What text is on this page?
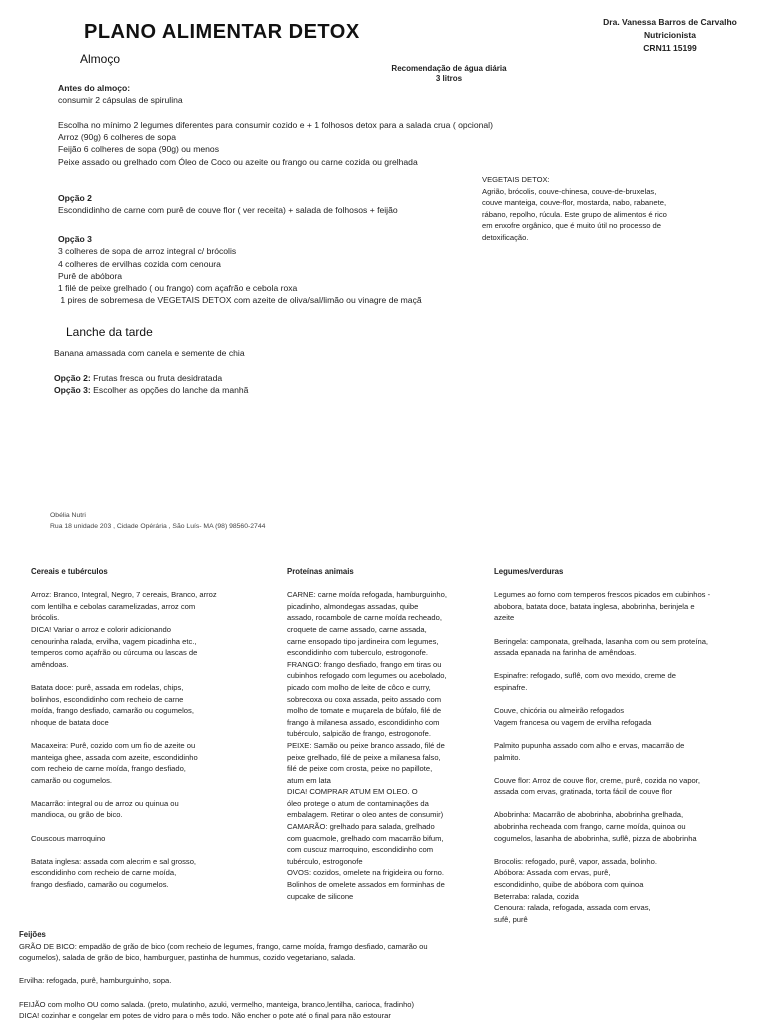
PLANO ALIMENTAR DETOX	Dra. Vanessa Barros de Carvalho
Nutricionista
CRN11 15199
Almoço
Recomendação de água diária
3 litros
Antes do almoço:
consumir 2 cápsulas de spirulina
Escolha no mínimo 2 legumes diferentes para consumir cozido e + 1 folhosos detox para a salada crua ( opcional)
Arroz (90g) 6 colheres de sopa
Feijão 6 colheres de sopa (90g) ou menos
Peixe assado ou grelhado com Óleo de Coco ou azeite ou frango ou carne cozida ou grelhada
Opção 2
Escondidinho de carne com purê de couve flor ( ver receita) + salada de folhosos + feijão
Opção 3
3 colheres de sopa de arroz integral c/ brócolis
4 colheres de ervilhas cozida com cenoura
Purê de abóbora
1 filé de peixe grelhado ( ou frango) com açafrão e cebola roxa
1 pires de sobremesa de VEGETAIS DETOX com azeite de oliva/sal/limão ou vinagre de maçã
VEGETAIS DETOX:
Agrião, brócolis, couve-chinesa, couve-de-bruxelas,
couve manteiga, couve-flor, mostarda, nabo, rabanete,
rábano, repolho, rúcula. Este grupo de alimentos é rico
em enxofre orgânico, que é muito útil no processo de
detoxificação.
Lanche da tarde
Banana amassada com canela e semente de chia
Opção 2: Frutas fresca ou fruta desidratada
Opção 3: Escolher as opções do lanche da manhã
Obélia Nutri
Rua 18 unidade 203 , Cidade Opérária , São Luís- MA (98) 98560-2744
Cereais e tubérculos
Arroz: Branco, Integral, Negro, 7 cereais, Branco, arroz
com lentilha e cebolas caramelizadas, arroz com
brócolis.
DICA! Variar o arroz e colorir adicionando
cenourinha ralada, ervilha, vagem picadinha etc.,
temperos como açafrão ou cúrcuma ou lascas de
amêndoas.
Batata doce: purê, assada em rodelas, chips,
bolinhos, escondidinho com recheio de carne
moída, frango desfiado, camarão ou cogumelos,
nhoque de batata doce
Macaxeira: Purê, cozido com um fio de azeite ou
manteiga ghee, assada com azeite, escondidinho
com recheio de carne moída, frango desfiado,
camarão ou cogumelos.
Macarrão: integral ou de arroz ou quinua ou
mandioca, ou grão de bico.
Couscous marroquino
Batata inglesa: assada com alecrim e sal grosso,
escondidinho com recheio de carne moída,
frango desfiado, camarão ou cogumelos.
Proteínas animais
CARNE: carne moída refogada, hamburguinho,
picadinho, almondegas assadas, quibe
assado, rocambole de carne moída recheado,
croquete de carne assado, carne assada,
carne ensopado tipo jardineira com legumes,
escondidinho com tuberculo, estrogonofe.
FRANGO: frango desfiado, frango em tiras ou
cubinhos refogado com legumes ou acebolado,
picado com molho de leite de côco e curry,
sobrecoxa ou coxa assada, peito assado com
molho de tomate e muçarela de búfalo, filé de
frango à milanesa assado, escondidinho com
tubérculo, salpicão de frango, estrogonofe.
PEIXE: Samão ou peixe branco assado, filé de
peixe grelhado, filé de peixe a milanesa falso,
filé de peixe com crosta, peixe no papillote,
atum em lata
DICA! COMPRAR ATUM EM OLEO. O
óleo protege o atum de contaminações da
embalagem. Retirar o oleo antes de consumir)
CAMARÃO: grelhado para salada, grelhado
com guacmole, grelhado com macarrão bifum,
com cuscuz marroquino, escondidinho com
tubérculo, estrogonofe
OVOS: cozidos, omelete na frigideira ou forno.
Bolinhos de omelete assados em forminhas de
cupcake de silicone
Legumes/verduras
Legumes ao forno com temperos frescos picados em cubinhos -
abobora, batata doce, batata inglesa, abobrinha, berinjela e
azeite
Beringela: camponata, grelhada, lasanha com ou sem proteína,
assada epanada na farinha de amêndoas.
Espinafre: refogado, suflê, com ovo mexido, creme de
espinafre.
Couve, chicória ou almeirão refogados
Vagem francesa ou vagem de ervilha refogada
Palmito pupunha assado com alho e ervas, macarrão de
palmito.
Couve flor: Arroz de couve flor, creme, purê, cozida no vapor,
assada com ervas, gratinada, torta fácil de couve flor
Abobrinha: Macarrão de abobrinha, abobrinha grelhada,
abobrinha recheada com frango, carne moída, quinoa ou
cogumelos, lasanha de abobrinha, suflê, pizza de abobrinha
Brocolis: refogado, purê, vapor, assada, bolinho.
Abóbora: Assada com ervas, purê,
escondidinho, quibe de abóbora com quinoa
Beterraba: ralada, cozida
Cenoura: ralada, refogada, assada com ervas,
sufê, purê
Feijões
GRÃO DE BICO: empadão de grão de bico (com recheio de legumes, frango, carne moída, framgo desfiado, camarão ou
cogumelos), salada de grão de bico, hamburguer, pastinha de hummus, cozido vegetariano, salada.
Ervilha: refogada, purê, hamburguinho, sopa.
FEIJÃO com molho OU como salada. (preto, mulatinho, azuki, vermelho, manteiga, branco,lentilha, carioca, fradinho)
DICA! cozinhar e congelar em potes de vidro para o mês todo. Não encher o pote até o final para não estourar
